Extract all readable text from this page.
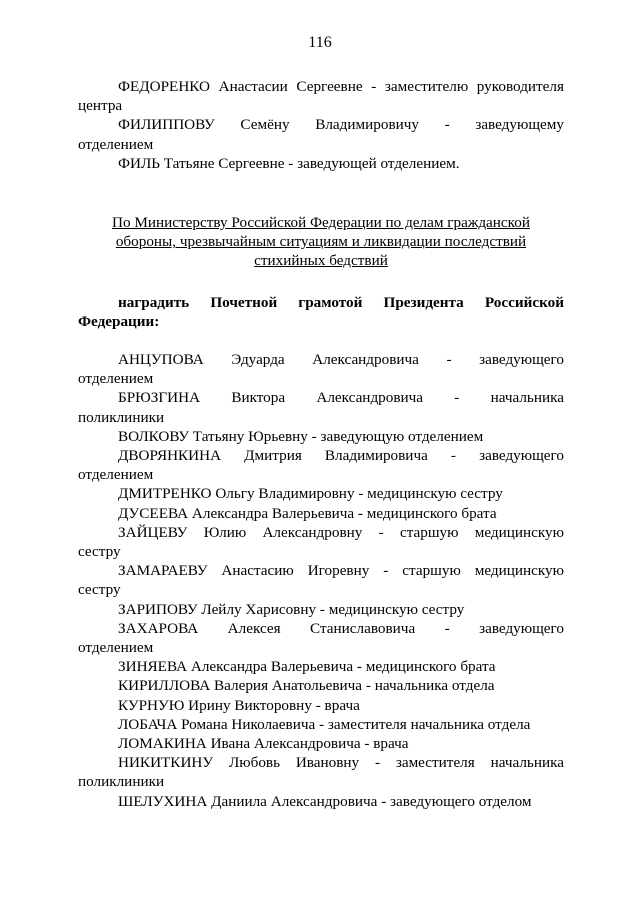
116
ФЕДОРЕНКО Анастасии Сергеевне - заместителю руководителя
центра
ФИЛИППОВУ Семёну Владимировичу - заведующему
отделением
ФИЛЬ Татьяне Сергеевне - заведующей отделением.
По Министерству Российской Федерации по делам гражданской
обороны, чрезвычайным ситуациям и ликвидации последствий
стихийных бедствий
наградить Почетной грамотой Президента Российской
Федерации:
АНЦУПОВА Эдуарда Александровича - заведующего
отделением
БРЮЗГИНА Виктора Александровича - начальника
поликлиники
ВОЛКОВУ Татьяну Юрьевну - заведующую отделением
ДВОРЯНКИНА Дмитрия Владимировича - заведующего
отделением
ДМИТРЕНКО Ольгу Владимировну - медицинскую сестру
ДУСЕЕВА Александра Валерьевича - медицинского брата
ЗАЙЦЕВУ Юлию Александровну - старшую медицинскую
сестру
ЗАМАРАЕВУ Анастасию Игоревну - старшую медицинскую
сестру
ЗАРИПОВУ Лейлу Харисовну - медицинскую сестру
ЗАХАРОВА Алексея Станиславовича - заведующего
отделением
ЗИНЯЕВА Александра Валерьевича - медицинского брата
КИРИЛЛОВА Валерия Анатольевича - начальника отдела
КУРНУЮ Ирину Викторовну - врача
ЛОБАЧА Романа Николаевича - заместителя начальника отдела
ЛОМАКИНА Ивана Александровича - врача
НИКИТКИНУ Любовь Ивановну - заместителя начальника
поликлиники
ШЕЛУХИНА Даниила Александровича - заведующего отделом
